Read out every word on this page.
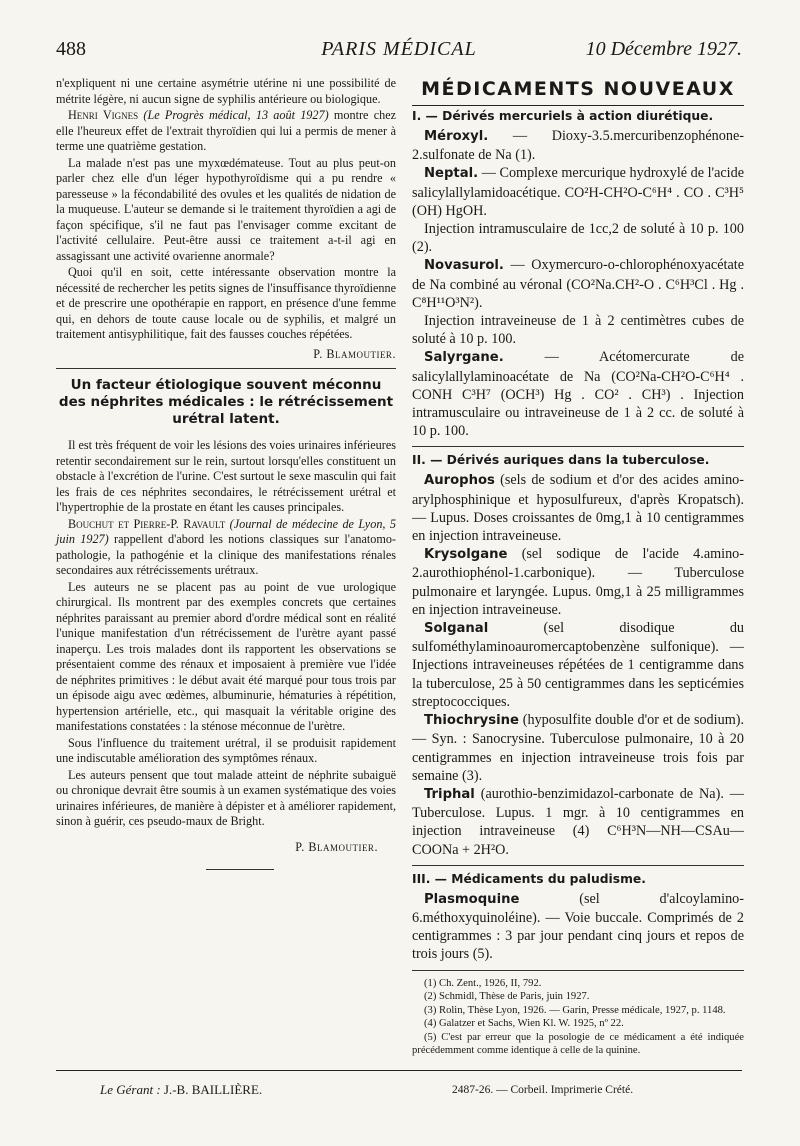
488	PARIS MÉDICAL	10 Décembre 1927.

n'expliquent ni une certaine asymétrie utérine ni une possibilité de métrite légère, ni aucun signe de syphilis antérieure ou biologique.

Henri Vignes (Le Progrès médical, 13 août 1927) montre chez elle l'heureux effet de l'extrait thyroïdien qui lui a permis de mener à terme une quatrième gestation.

La malade n'est pas une myxœdémateuse. Tout au plus peut-on parler chez elle d'un léger hypothyroïdisme qui a pu rendre « paresseuse » la fécondabilité des ovules et les qualités de nidation de la muqueuse. L'auteur se demande si le traitement thyroïdien a agi de façon spécifique, s'il ne faut pas l'envisager comme excitant de l'activité cellulaire. Peut-être aussi ce traitement a-t-il agi en assagissant une activité ovarienne anormale?

Quoi qu'il en soit, cette intéressante observation montre la nécessité de rechercher les petits signes de l'insuffisance thyroïdienne et de prescrire une opothérapie en rapport, en présence d'une femme qui, en dehors de toute cause locale ou de syphilis, et malgré un traitement antisyphilitique, fait des fausses couches répétées.

P. Blamoutier.
Un facteur étiologique souvent méconnu des néphrites médicales : le rétrécissement urétral latent.

Il est très fréquent de voir les lésions des voies urinaires inférieures retentir secondairement sur le rein, surtout lorsqu'elles constituent un obstacle à l'excrétion de l'urine. C'est surtout le sexe masculin qui fait les frais de ces néphrites secondaires, le rétrécissement urétral et l'hypertrophie de la prostate en étant les causes principales.

Bouchut et Pierre-P. Ravault (Journal de médecine de Lyon, 5 juin 1927) rappellent d'abord les notions classiques sur l'anatomo-pathologie, la pathogénie et la clinique des manifestations rénales secondaires aux rétrécissements urétraux.

Les auteurs ne se placent pas au point de vue urologique chirurgical. Ils montrent par des exemples concrets que certaines néphrites paraissant au premier abord d'ordre médical sont en réalité l'unique manifestation d'un rétrécissement de l'urètre ayant passé inaperçu. Les trois malades dont ils rapportent les observations se présentaient comme des rénaux et imposaient à première vue l'idée de néphrites primitives : le début avait été marqué pour tous trois par un épisode aigu avec œdèmes, albuminurie, hématuries à répétition, hypertension artérielle, etc., qui masquait la véritable origine des manifestations constatées : la sténose méconnue de l'urètre.

Sous l'influence du traitement urétral, il se produisit rapidement une indiscutable amélioration des symptômes rénaux.

Les auteurs pensent que tout malade atteint de néphrite subaiguë ou chronique devrait être soumis à un examen systématique des voies urinaires inférieures, de manière à dépister et à améliorer rapidement, sinon à guérir, ces pseudo-maux de Bright.

P. Blamoutier.
MÉDICAMENTS NOUVEAUX
I. — Dérivés mercuriels à action diurétique.

Méroxyl. — Dioxy-3.5.mercuribenzophénone-2.sulfonate de Na (1).

Neptal. — Complexe mercurique hydroxylé de l'acide salicylallylamidoacétique. CO²H-CH²O-C⁶H⁴ . CO . C³H⁵ (OH) HgOH.

Injection intramusculaire de 1cc,2 de soluté à 10 p. 100 (2).

Novasurol. — Oxymercuro-o-chlorophénoxyacétate de Na combiné au véronal (CO²Na.CH²-O . C⁶H³Cl . Hg . C⁸H¹¹O³N²).

Injection intraveineuse de 1 à 2 centimètres cubes de soluté à 10 p. 100.

Salyrgane.	— Acétomercurate de salicylallylaminoacétate de Na (CO²Na-CH²O-C⁶H⁴ . CONH C³H⁷ (OCH³) Hg . CO² . CH³) . Injection intramusculaire ou intraveineuse de 1 à 2 cc. de soluté à 10 p. 100.

II. — Dérivés auriques dans la tuberculose.

Aurophos (sels de sodium et d'or des acides amino-arylphosphinique et hyposulfureux, d'après Kropatsch). — Lupus. Doses croissantes de 0mg,1 à 10 centigrammes en injection intraveineuse.

Krysolgane (sel sodique de l'acide 4.amino-2.aurothiophénol-1.carbonique). — Tuberculose pulmonaire et laryngée. Lupus. 0mg,1 à 25 milligrammes en injection intraveineuse.

Solganal	(sel disodique du sulfométhylaminoauromercaptobenzène sulfonique). — Injections intraveineuses répétées de 1 centigramme dans la tuberculose, 25 à 50 centigrammes dans les septicémies streptococciques.

Thiochrysine (hyposulfite double d'or et de sodium). — Syn. : Sanocrysine. Tuberculose pulmonaire, 10 à 20 centigrammes en injection intraveineuse trois fois par semaine (3).

Triphal (aurothio-benzimidazol-carbonate de Na). — Tuberculose. Lupus. 1 mgr. à 10 centigrammes en injection intraveineuse (4) C⁶H³N—NH—CSAu—COONa + 2H²O.

III. — Médicaments du paludisme.

Plasmoquine	(sel d'alcoylamino-6.méthoxyquinoléine). — Voie buccale. Comprimés de 2 centigrammes : 3 par jour pendant cinq jours et repos de trois jours (5).

(1) Ch. Zent., 1926, II, 792.
(2) Schmidl, Thèse de Paris, juin 1927.
(3) Rolin, Thèse Lyon, 1926. — Garin, Presse médicale, 1927, p. 1148.
(4) Galatzer et Sachs, Wien Kl. W. 1925, nº 22.
(5) C'est par erreur que la posologie de ce médicament a été indiquée précédemment comme identique à celle de la quinine.
Le Gérant : J.-B. BAILLIÈRE.	2487-26. — Corbeil. Imprimerie Crété.
